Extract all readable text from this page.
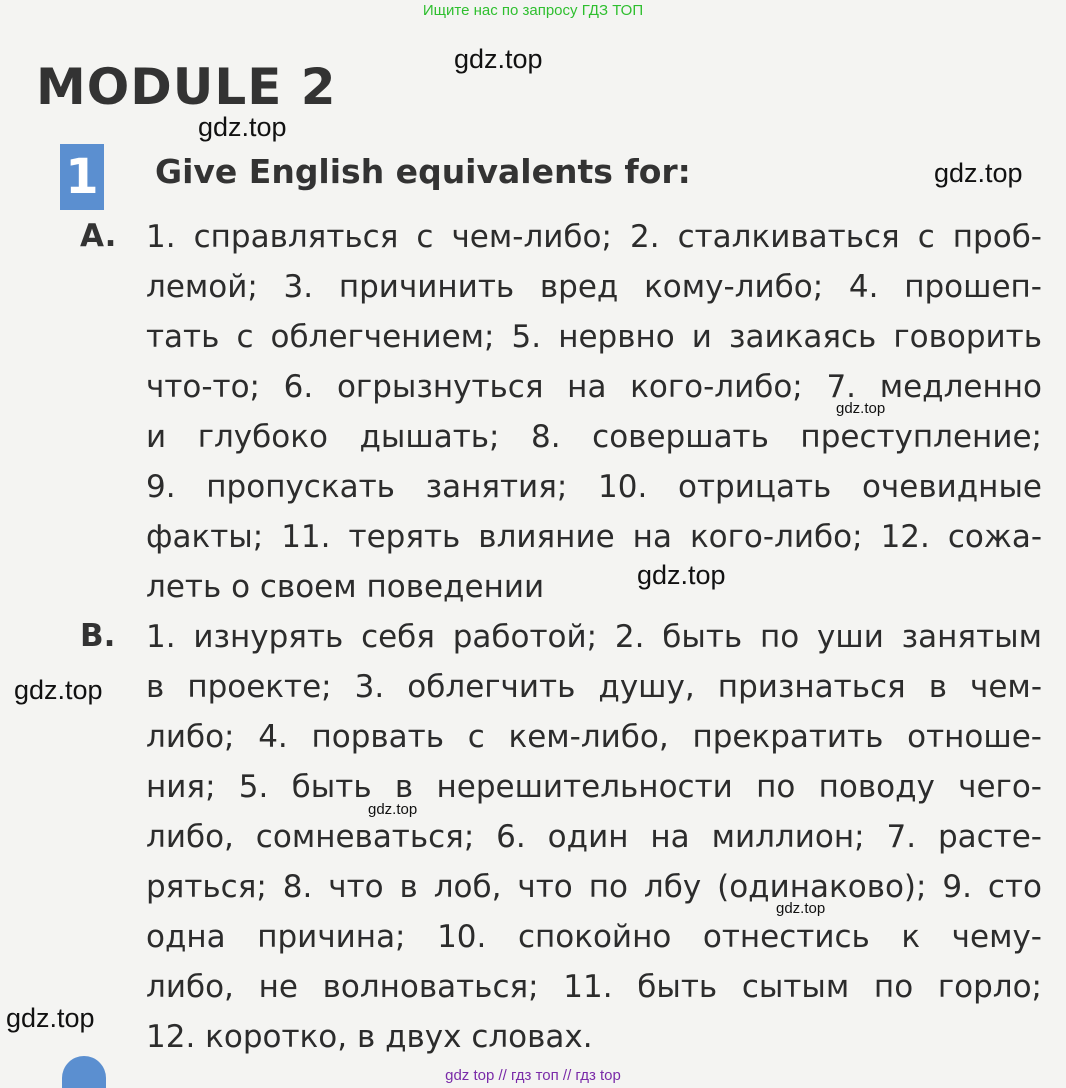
Ищите нас по запросу ГДЗ ТОП
MODULE 2
1 Give English equivalents for:
A. 1. справляться с чем-либо; 2. сталкиваться с проб-
лемой; 3. причинить вред кому-либо; 4. прошеп-
тать с облегчением; 5. нервно и заикаясь говорить
что-то; 6. огрызнуться на кого-либо; 7. медленно
и глубоко дышать; 8. совершать преступление;
9. пропускать занятия; 10. отрицать очевидные
факты; 11. терять влияние на кого-либо; 12. сожа-
леть о своем поведении
B. 1. изнурять себя работой; 2. быть по уши занятым
в проекте; 3. облегчить душу, признаться в чем-
либо; 4. порвать с кем-либо, прекратить отноше-
ния; 5. быть в нерешительности по поводу чего-
либо, сомневаться; 6. один на миллион; 7. расте-
ряться; 8. что в лоб, что по лбу (одинаково); 9. сто
одна причина; 10. спокойно отнестись к чему-
либо, не волноваться; 11. быть сытым по горло;
12. коротко, в двух словах.
gdz.top
gdz.top
gdz.top
gdz.top
gdz.top
gdz.top
gdz.top
gdz.top
gdz.top
gdz top // гдз топ // гдз top
